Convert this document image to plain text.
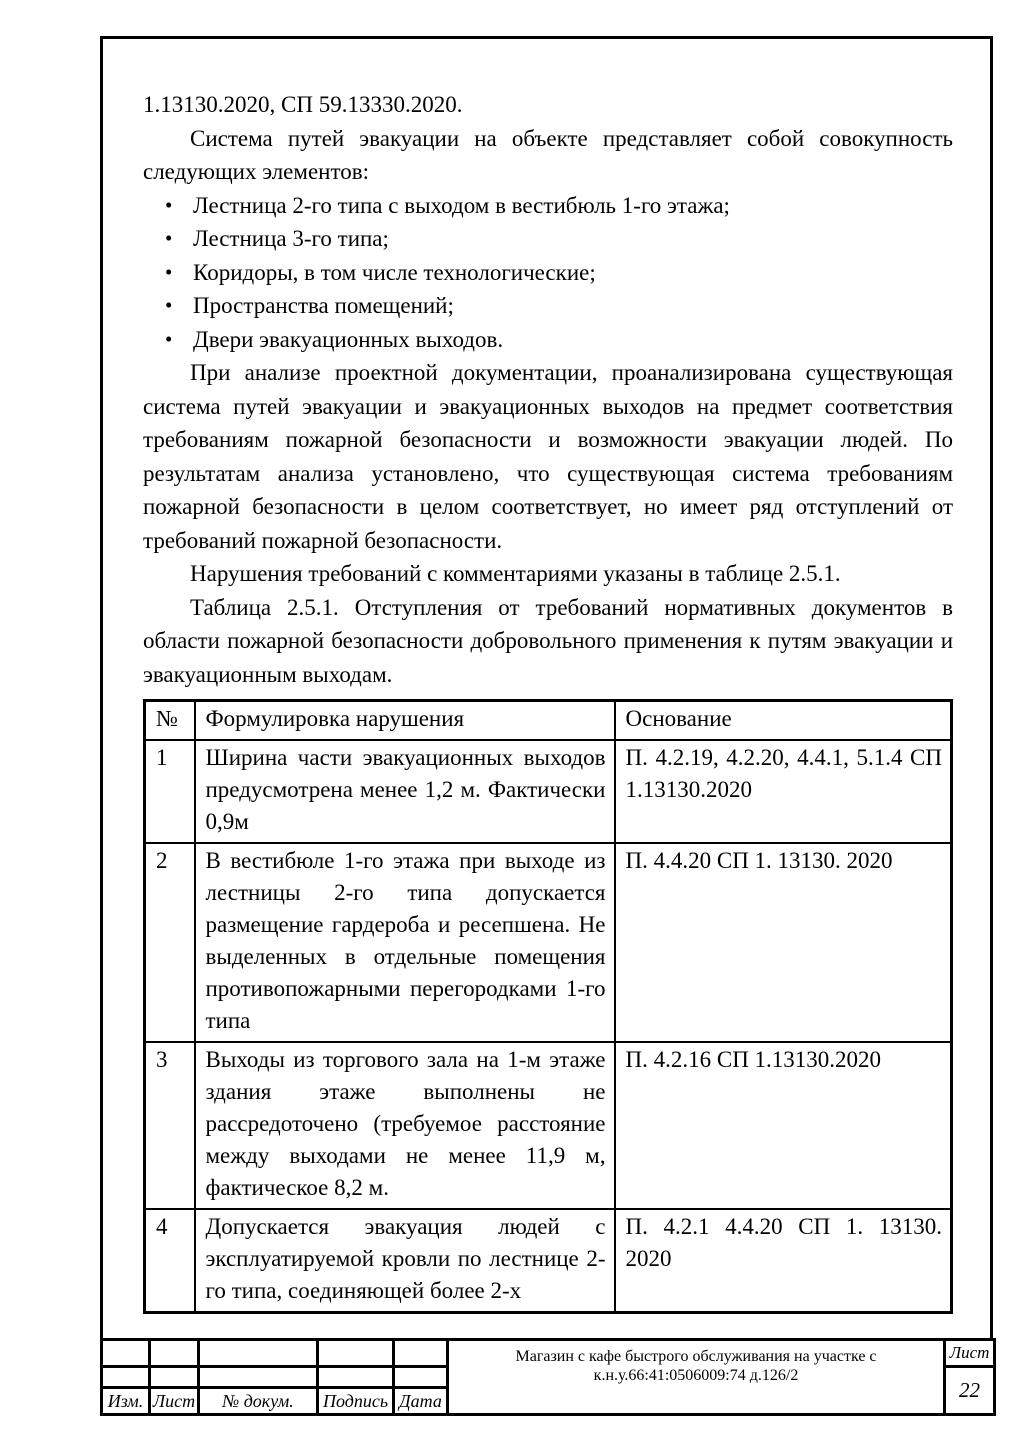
1.13130.2020, СП 59.13330.2020.

Система путей эвакуации на объекте представляет собой совокупность следующих элементов:

• Лестница 2-го типа с выходом в вестибюль 1-го этажа;
• Лестница 3-го типа;
• Коридоры, в том числе технологические;
• Пространства помещений;
• Двери эвакуационных выходов.

При анализе проектной документации, проанализирована существующая система путей эвакуации и эвакуационных выходов на предмет соответствия требованиям пожарной безопасности и возможности эвакуации людей. По результатам анализа установлено, что существующая система требованиям пожарной безопасности в целом соответствует, но имеет ряд отступлений от требований пожарной безопасности.

Нарушения требований с комментариями указаны в таблице 2.5.1.

Таблица 2.5.1. Отступления от требований нормативных документов в области пожарной безопасности добровольного применения к путям эвакуации и эвакуационным выходам.

№	Формулировка нарушения	Основание
1	Ширина части эвакуационных выходов предусмотрена менее 1,2 м. Фактически 0,9м	П. 4.2.19, 4.2.20, 4.4.1, 5.1.4 СП 1.13130.2020
2	В вестибюле 1-го этажа при выходе из лестницы 2-го типа допускается размещение гардероба и ресепшена. Не выделенных в отдельные помещения противопожарными перегородками 1-го типа	П. 4.4.20 СП 1. 13130. 2020
3	Выходы из торгового зала на 1-м этаже здания этаже выполнены не рассредоточено (требуемое расстояние между выходами не менее 11,9 м, фактическое 8,2 м.	П. 4.2.16 СП 1.13130.2020
4	Допускается эвакуация людей с эксплуатируемой кровли по лестнице 2-го типа, соединяющей более 2-х	П. 4.2.1 4.4.20 СП 1. 13130. 2020
					Магазин с кафе быстрого обслуживания на участке с к.н.у.66:41:0506009:74 д.126/2	Лист
						22
Изм.	Лист	№ докум.	Подпись	Дата		
